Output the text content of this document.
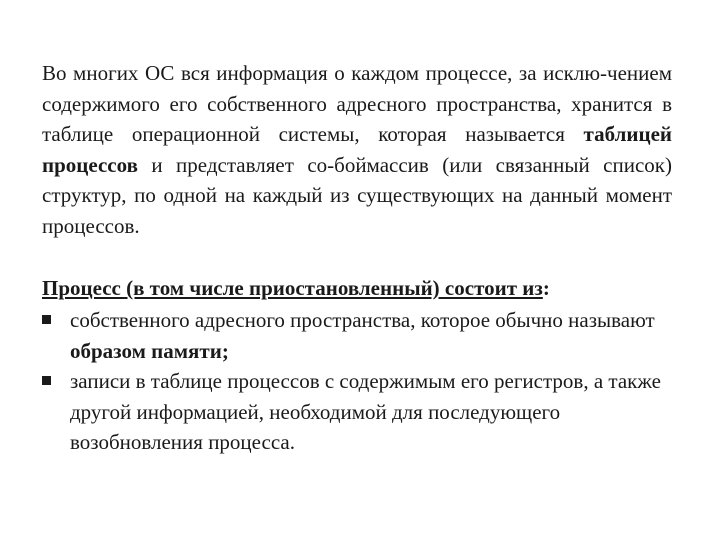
Во многих ОС вся информация о каждом процессе, за исклю-чением содержимого его собственного адресного пространства, хранится в таблице операционной системы, которая называется таблицей процессов и представляет со-боймассив (или связанный список) структур, по одной на каждый из существующих на данный момент процессов.

Процесс (в том числе приостановленный) состоит из:

собственного адресного пространства, которое обычно называют образом памяти;
записи в таблице процессов с содержимым его регистров, а также другой информацией, необходимой для последующего возобновления процесса.
